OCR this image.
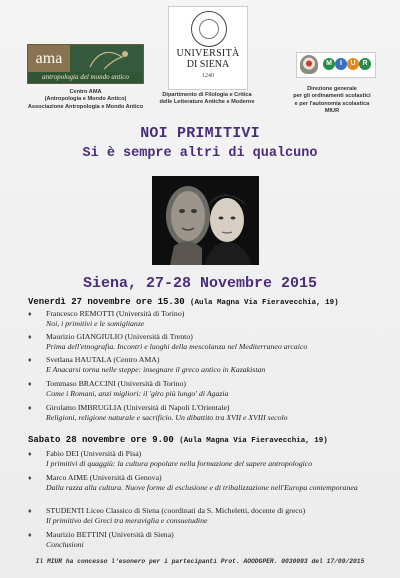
ama
antropologia del mondo antico
Centro AMA
(Antropologia e Mondo Antico)
Associazione Antropologia e Mondo Antico
UNIVERSITÀ
DI SIENA
1240
Dipartimento di Filologia e Critica
delle Letterature Antiche e Moderne
M	I	U R
Direzione generale
per gli ordinamenti scolastici
e per l'autonomia scolastica
MIUR
NOI PRIMITIVI
Si è sempre altri di qualcuno
Siena, 27-28 Novembre 2015
Venerdì 27 novembre ore 15.30 (Aula Magna Via Fieravecchia, 19)
♦ Francesco REMOTTI (Università di Torino)
Noi, i primitivi e le somiglianze
♦ Maurizio GIANGIULIO (Università di Trento)
Prima dell'etnografia. Incontri e luoghi della mescolanza nel Mediterraneo arcaico
♦ Svetlana HAUTALA (Centro AMA)
E Anacarsi torna nelle steppe: insegnare il greco antico in Kazakistan
♦ Tommaso BRACCINI (Università di Torino)
Come i Romani, anzi migliori: il 'giro più lungo' di Agazia
♦ Girolamo IMBRUGLIA (Università di Napoli L'Orientale)
Religioni, religione naturale e sacrificio. Un dibattito tra XVII e XVIII secolo
Sabato 28 novembre ore 9.00 (Aula Magna Via Fieravecchia, 19)
♦ Fabio DEI (Università di Pisa)
I primitivi di quaggiù: la cultura popolare nella formazione del sapere antropologico
♦ Marco AIME (Università di Genova)
Dalla razza alla cultura. Nuove forme di esclusione e di tribalizzazione nell'Europa contemporanea
♦ STUDENTI Liceo Classico di Siena (coordinati da S. Micheletti, docente di greco)
Il primitivo dei Greci tra meraviglia e consuetudine
♦ Maurizio BETTINI (Università di Siena)
Conclusioni
Il MIUR ha concesso l'esonero per i partecipanti Prot. AOODGPER. 0030093 del 17/09/2015
